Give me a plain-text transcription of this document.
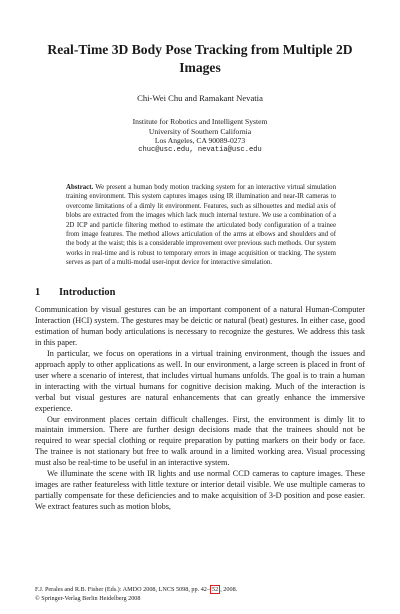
Real-Time 3D Body Pose Tracking from Multiple 2D
Images
Chi-Wei Chu and Ramakant Nevatia
Institute for Robotics and Intelligent System
University of Southern California
Los Angeles, CA 90089-0273
chuc@usc.edu, nevatia@usc.edu
Abstract. We present a human body motion tracking system for an interactive virtual simulation training environment. This system captures images using IR illumination and near-IR cameras to overcome limitations of a dimly lit environment. Features, such as silhouettes and medial axis of blobs are extracted from the images which lack much internal texture. We use a combination of a 2D ICP and particle filtering method to estimate the articulated body configuration of a trainee from image features. The method allows articulation of the arms at elbows and shoulders and of the body at the waist; this is a considerable improvement over previous such methods. Our system works in real-time and is robust to temporary errors in image acquisition or tracking. The system serves as part of a multi-modal user-input device for interactive simulation.
1 Introduction

Communication by visual gestures can be an important component of a natural Human-Computer Interaction (HCI) system. The gestures may be deictic or natural (beat) gestures. In either case, good estimation of human body articulations is necessary to recognize the gestures. We address this task in this paper.

In particular, we focus on operations in a virtual training environment, though the issues and approach apply to other applications as well. In our environment, a large screen is placed in front of user where a scenario of interest, that includes virtual humans unfolds. The goal is to train a human in interacting with the virtual humans for cognitive decision making. Much of the interaction is verbal but visual gestures are natural enhancements that can greatly enhance the immersive experience.

Our environment places certain difficult challenges. First, the environment is dimly lit to maintain immersion. There are further design decisions made that the trainees should not be required to wear special clothing or require preparation by putting markers on their body or face. The trainee is not stationary but free to walk around in a limited working area. Visual processing must also be real-time to be useful in an interactive system.

We illuminate the scene with IR lights and use normal CCD cameras to capture images. These images are rather featureless with little texture or interior detail visible. We use multiple cameras to partially compensate for these deficiencies and to make acquisition of 3-D position and pose easier. We extract features such as motion blobs,

F.J. Perales and R.B. Fisher (Eds.): AMDO 2008, LNCS 5098, pp. 42– 52 , 2008.
© Springer-Verlag Berlin Heidelberg 2008
